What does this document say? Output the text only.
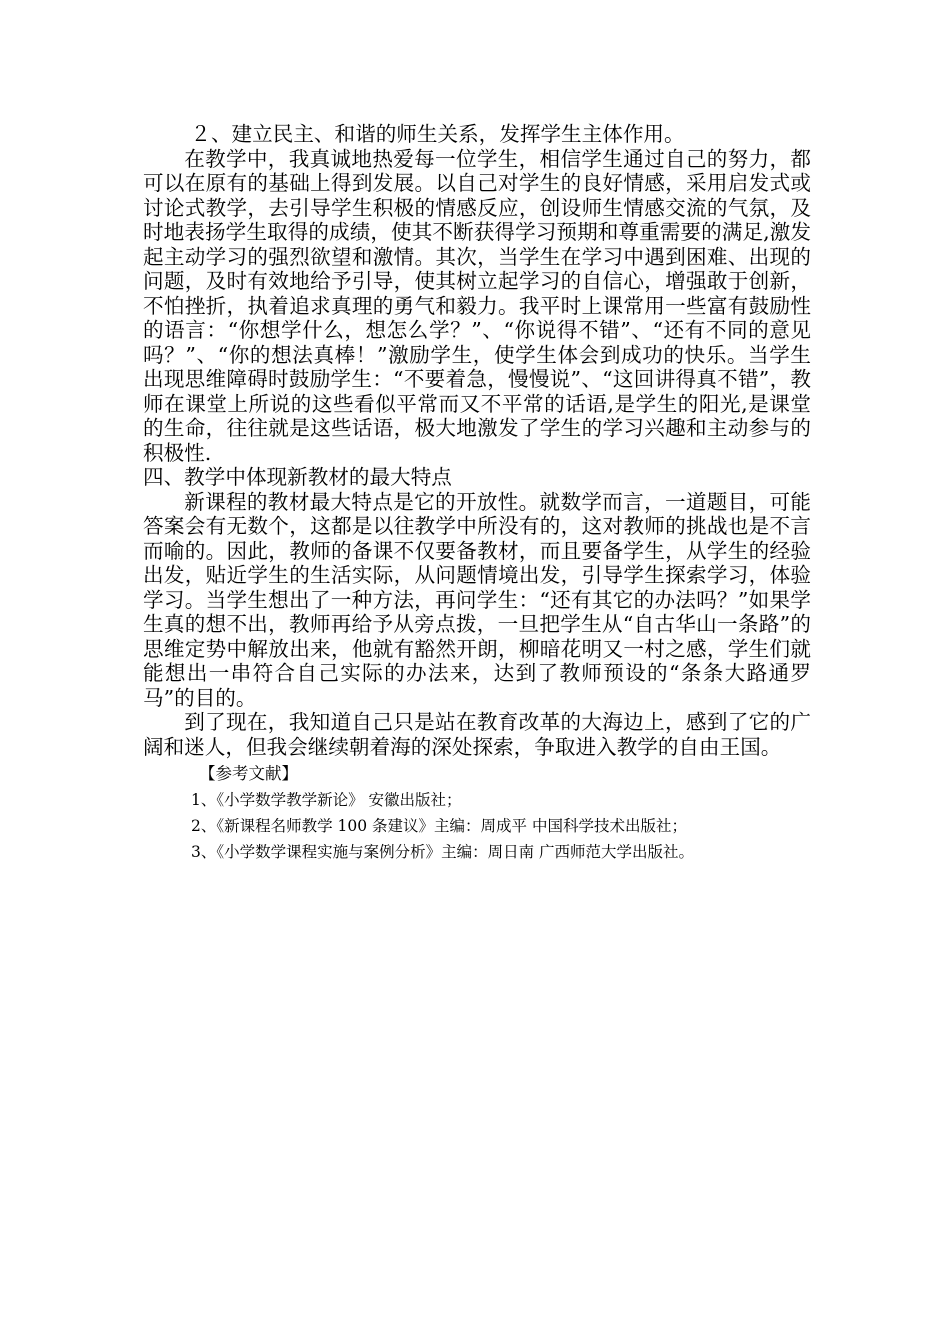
２、建立民主、和谐的师生关系，发挥学生主体作用。

在教学中，我真诚地热爱每一位学生，相信学生通过自己的努力，都可以在原有的基础上得到发展。以自己对学生的良好情感，采用启发式或讨论式教学，去引导学生积极的情感反应，创设师生情感交流的气氛，及时地表扬学生取得的成绩，使其不断获得学习预期和尊重需要的满足,激发起主动学习的强烈欲望和激情。其次，当学生在学习中遇到困难、出现的问题，及时有效地给予引导，使其树立起学习的自信心，增强敢于创新，不怕挫折，执着追求真理的勇气和毅力。我平时上课常用一些富有鼓励性的语言：“你想学什么，想怎么学？”、“你说得不错”、“还有不同的意见吗？”、“你的想法真棒！”激励学生，使学生体会到成功的快乐。当学生出现思维障碍时鼓励学生：“不要着急，慢慢说”、“这回讲得真不错”，教师在课堂上所说的这些看似平常而又不平常的话语,是学生的阳光,是课堂的生命，往往就是这些话语，极大地激发了学生的学习兴趣和主动参与的积极性.

四、教学中体现新教材的最大特点

新课程的教材最大特点是它的开放性。就数学而言，一道题目，可能答案会有无数个，这都是以往教学中所没有的，这对教师的挑战也是不言而喻的。因此，教师的备课不仅要备教材，而且要备学生，从学生的经验出发，贴近学生的生活实际，从问题情境出发，引导学生探索学习，体验学习。当学生想出了一种方法，再问学生：“还有其它的办法吗？”如果学生真的想不出，教师再给予从旁点拨，一旦把学生从“自古华山一条路”的思维定势中解放出来，他就有豁然开朗，柳暗花明又一村之感，学生们就能想出一串符合自己实际的办法来，达到了教师预设的“条条大路通罗马”的目的。

到了现在，我知道自己只是站在教育改革的大海边上，感到了它的广阔和迷人，但我会继续朝着海的深处探索，争取进入教学的自由王国。

【参考文献】
1、《小学数学教学新论》 安徽出版社；
2、《新课程名师教学 100 条建议》主编：周成平 中国科学技术出版社；
3、《小学数学课程实施与案例分析》主编：周日南 广西师范大学出版社。
